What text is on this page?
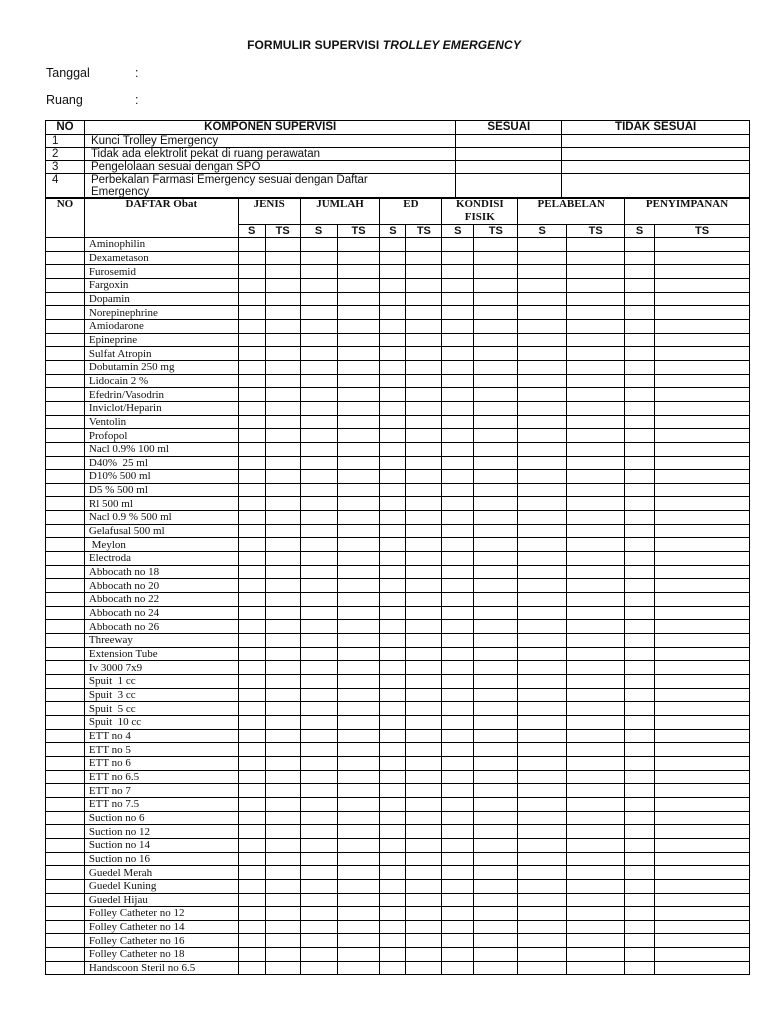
FORMULIR SUPERVISI TROLLEY EMERGENCY
Tanggal	:
Ruang	:
NO	KOMPONEN SUPERVISI	SESUAI	TIDAK SESUAI
1	Kunci Trolley Emergency		
2	Tidak ada elektrolit pekat di ruang perawatan		
3	Pengelolaan sesuai dengan SPO		
4	Perbekalan Farmasi Emergency sesuai dengan Daftar Emergency		
NO	DAFTAR Obat	JENIS		JUMLAH		ED		KONDISI FISIK		PELABELAN		PENYIMPANAN	
		S	TS	S	TS	S	TS	S	TS	S	TS	S	TS
	Aminophilin												
	Dexametason												
	Furosemid												
	Fargoxin												
	Dopamin												
	Norepinephrine												
	Amiodarone												
	Epineprine												
	Sulfat Atropin												
	Dobutamin 250 mg												
	Lidocain 2 %												
	Efedrin/Vasodrin												
	Inviclot/Heparin												
	Ventolin												
	Profopol												
	Nacl 0.9% 100 ml												
	D40%  25 ml												
	D10% 500 ml												
	D5 % 500 ml												
	Rl 500 ml												
	Nacl 0.9 % 500 ml												
	Gelafusal 500 ml												
	Meylon												
	Electroda												
	Abbocath no 18												
	Abbocath no 20												
	Abbocath no 22												
	Abbocath no 24												
	Abbocath no 26												
	Threeway												
	Extension Tube												
	Iv 3000 7x9												
	Spuit  1 cc												
	Spuit  3 cc												
	Spuit  5 cc												
	Spuit  10 cc												
	ETT no 4												
	ETT no 5												
	ETT no 6												
	ETT no 6.5												
	ETT no 7												
	ETT no 7.5												
	Suction no 6												
	Suction no 12												
	Suction no 14												
	Suction no 16												
	Guedel Merah												
	Guedel Kuning												
	Guedel Hijau												
	Folley Catheter no 12												
	Folley Catheter no 14												
	Folley Catheter no 16												
	Folley Catheter no 18												
	Handscoon Steril no 6.5												
